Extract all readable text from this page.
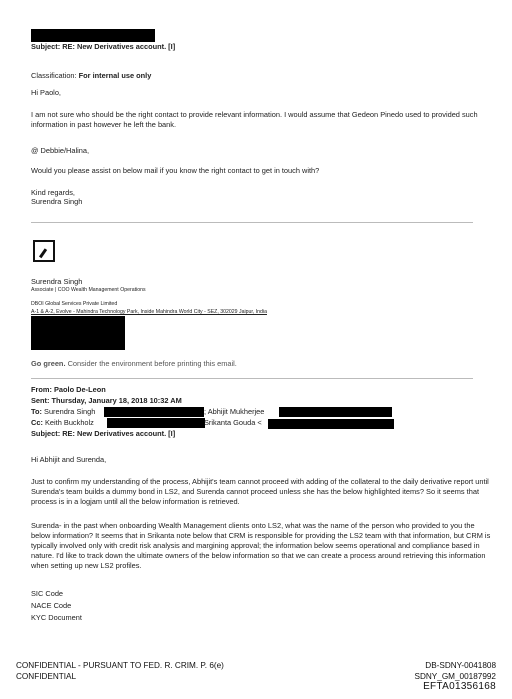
Subject: RE: New Derivatives account. [I]
Classification: For internal use only
Hi Paolo,
I am not sure who should be the right contact to provide relevant information. I would assume that Gedeon Pinedo used to provided such information in past however he left the bank.
@ Debbie/Halina,
Would you please assist on below mail if you know the right contact to get in touch with?
Kind regards,
Surendra Singh
Surendra Singh
Associate | COO Wealth Management Operations
DBOI Global Services Private Limited
A-1 & A-2, Evolve - Mahindra Technology Park, Inside Mahindra World City - SEZ, 302029 Jaipur, India
Go green. Consider the environment before printing this email.
From: Paolo De-Leon
Sent: Thursday, January 18, 2018 10:32 AM
To: Surendra Singh	; Abhijit Mukherjee
Cc: Keith Buckholz	Srikanta Gouda <
Subject: RE: New Derivatives account. [I]
Hi Abhijit and Surenda,
Just to confirm my understanding of the process, Abhijit's team cannot proceed with adding of the collateral to the daily derivative report until Surenda's team builds a dummy bond in LS2, and Surenda cannot proceed unless she has the below highlighted items? So it seems that process is in a logjam until all the below information is retrieved.
Surenda- in the past when onboarding Wealth Management clients onto LS2, what was the name of the person who provided to you the below information? It seems that in Srikanta note below that CRM is responsible for providing the LS2 team with that information, but CRM is typically involved only with credit risk analysis and margining approval; the information below seems operational and compliance based in nature. I'd like to track down the ultimate owners of the below information so that we can create a process around retrieving this information when setting up new LS2 profiles.
SIC Code
NACE Code
KYC Document
CONFIDENTIAL - PURSUANT TO FED. R. CRIM. P. 6(e)
CONFIDENTIAL
DB-SDNY-0041808
SDNY_GM_00187992
EFTA01356168
